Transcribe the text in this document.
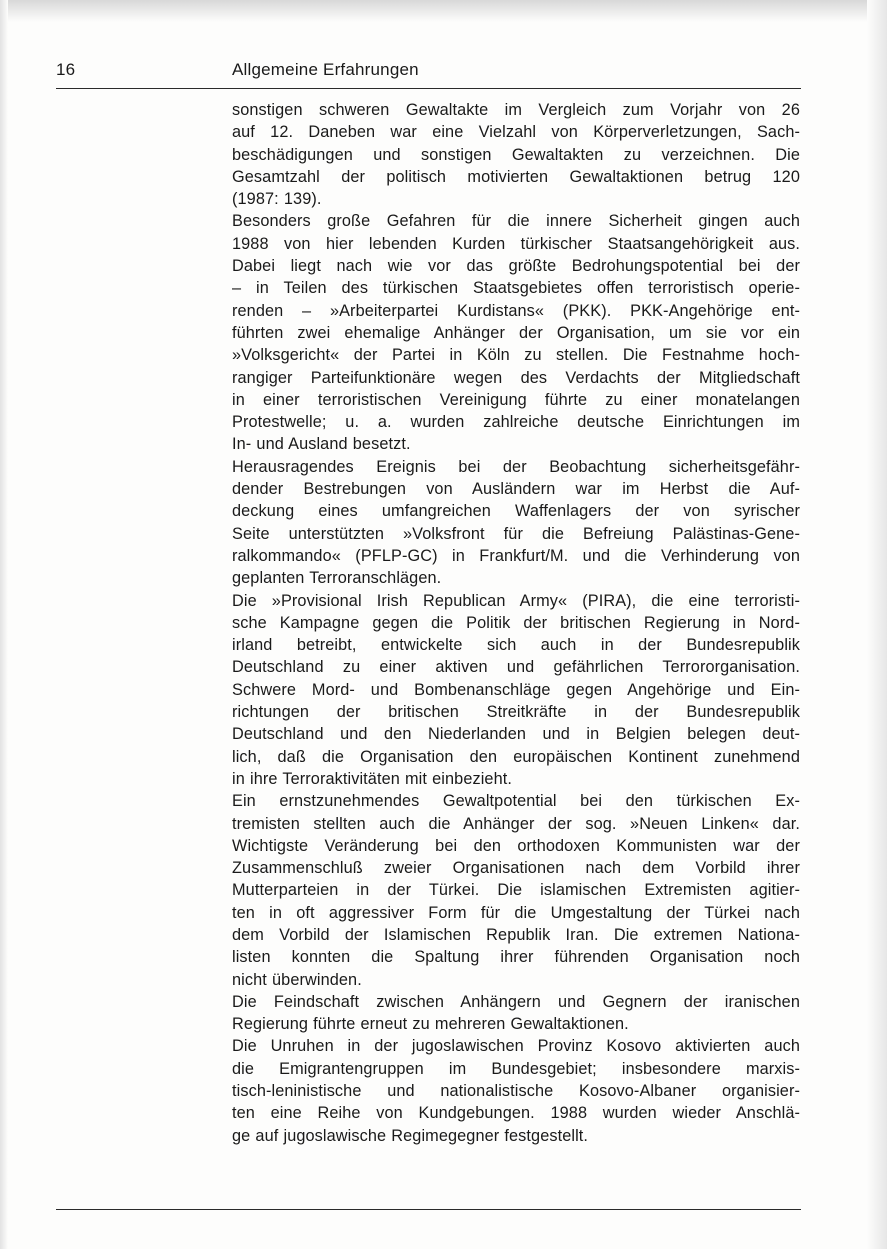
16	Allgemeine Erfahrungen

sonstigen schweren Gewaltakte im Vergleich zum Vorjahr von 26
auf 12. Daneben war eine Vielzahl von Körperverletzungen, Sach-
beschädigungen und sonstigen Gewaltakten zu verzeichnen. Die
Gesamtzahl der politisch motivierten Gewaltaktionen betrug 120
(1987: 139).

Besonders große Gefahren für die innere Sicherheit gingen auch
1988 von hier lebenden Kurden türkischer Staatsangehörigkeit aus.
Dabei liegt nach wie vor das größte Bedrohungspotential bei der
– in Teilen des türkischen Staatsgebietes offen terroristisch operie-
renden – »Arbeiterpartei Kurdistans« (PKK). PKK-Angehörige ent-
führten zwei ehemalige Anhänger der Organisation, um sie vor ein
»Volksgericht« der Partei in Köln zu stellen. Die Festnahme hoch-
rangiger Parteifunktionäre wegen des Verdachts der Mitgliedschaft
in einer terroristischen Vereinigung führte zu einer monatelangen
Protestwelle; u. a. wurden zahlreiche deutsche Einrichtungen im
In- und Ausland besetzt.

Herausragendes Ereignis bei der Beobachtung sicherheitsgefähr-
dender Bestrebungen von Ausländern war im Herbst die Auf-
deckung eines umfangreichen Waffenlagers der von syrischer
Seite unterstützten »Volksfront für die Befreiung Palästinas-Gene-
ralkommando« (PFLP-GC) in Frankfurt/M. und die Verhinderung von
geplanten Terroranschlägen.

Die »Provisional Irish Republican Army« (PIRA), die eine terroristi-
sche Kampagne gegen die Politik der britischen Regierung in Nord-
irland betreibt, entwickelte sich auch in der Bundesrepublik
Deutschland zu einer aktiven und gefährlichen Terrororganisation.
Schwere Mord- und Bombenanschläge gegen Angehörige und Ein-
richtungen der britischen Streitkräfte in der Bundesrepublik
Deutschland und den Niederlanden und in Belgien belegen deut-
lich, daß die Organisation den europäischen Kontinent zunehmend
in ihre Terroraktivitäten mit einbezieht.

Ein ernstzunehmendes Gewaltpotential bei den türkischen Ex-
tremisten stellten auch die Anhänger der sog. »Neuen Linken« dar.
Wichtigste Veränderung bei den orthodoxen Kommunisten war der
Zusammenschluß zweier Organisationen nach dem Vorbild ihrer
Mutterparteien in der Türkei. Die islamischen Extremisten agitier-
ten in oft aggressiver Form für die Umgestaltung der Türkei nach
dem Vorbild der Islamischen Republik Iran. Die extremen Nationa-
listen konnten die Spaltung ihrer führenden Organisation noch
nicht überwinden.

Die Feindschaft zwischen Anhängern und Gegnern der iranischen
Regierung führte erneut zu mehreren Gewaltaktionen.

Die Unruhen in der jugoslawischen Provinz Kosovo aktivierten auch
die Emigrantengruppen im Bundesgebiet; insbesondere marxis-
tisch-leninistische und nationalistische Kosovo-Albaner organisier-
ten eine Reihe von Kundgebungen. 1988 wurden wieder Anschlä-
ge auf jugoslawische Regimegegner festgestellt.
